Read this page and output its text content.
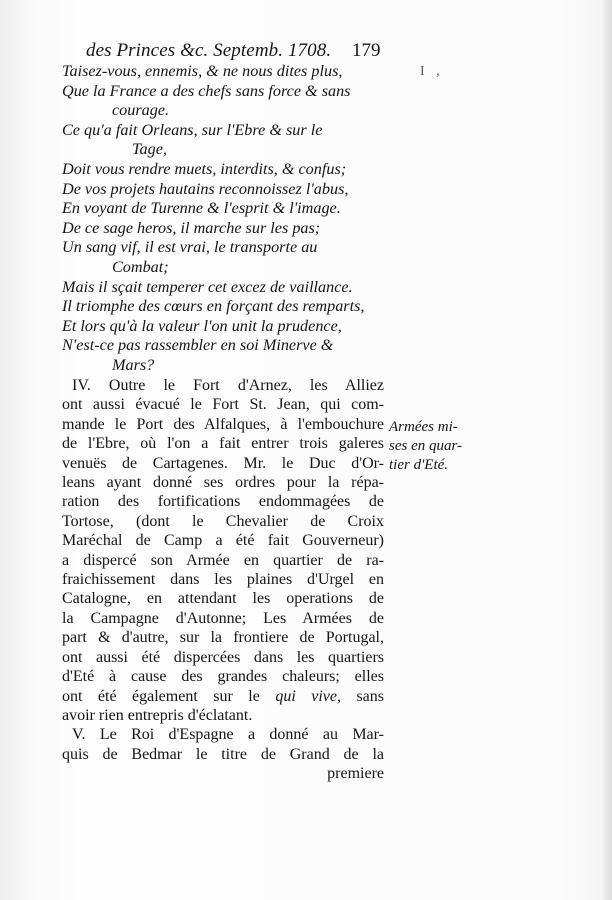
des Princes &c. Septemb. 1708. 179
I ,
Taisez-vous, ennemis, & ne nous dites plus,
Que la France a des chefs sans force & sans
courage.
Ce qu'a fait Orleans, sur l'Ebre & sur le
Tage,
Doit vous rendre muets, interdits, & confus;
De vos projets hautains reconnoissez l'abus,
En voyant de Turenne & l'esprit & l'image.
De ce sage heros, il marche sur les pas;
Un sang vif, il est vrai, le transporte au
Combat;
Mais il sçait temperer cet excez de vaillance.
Il triomphe des cœurs en forçant des remparts,
Et lors qu'à la valeur l'on unit la prudence,
N'est-ce pas rassembler en soi Minerve &
Mars?
IV. Outre le Fort d'Arnez, les Alliez
ont aussi évacué le Fort St. Jean, qui com-
mande le Port des Alfalques, à l'embouchure
de l'Ebre, où l'on a fait entrer trois galeres
venuës de Cartagenes. Mr. le Duc d'Or-
leans ayant donné ses ordres pour la répa-
ration des fortifications endommagées de
Tortose, (dont le Chevalier de Croix
Maréchal de Camp a été fait Gouverneur)
a dispercé son Armée en quartier de ra-
fraichissement dans les plaines d'Urgel en
Catalogne, en attendant les operations de
la Campagne d'Autonne; Les Armées de
part & d'autre, sur la frontiere de Portugal,
ont aussi été dispercées dans les quartiers
d'Eté à cause des grandes chaleurs; elles
ont été également sur le qui vive, sans
avoir rien entrepris d'éclatant.
V. Le Roi d'Espagne a donné au Mar-
quis de Bedmar le titre de Grand de la
premiere
Armées mi-
ses en quar-
tier d'Eté.
